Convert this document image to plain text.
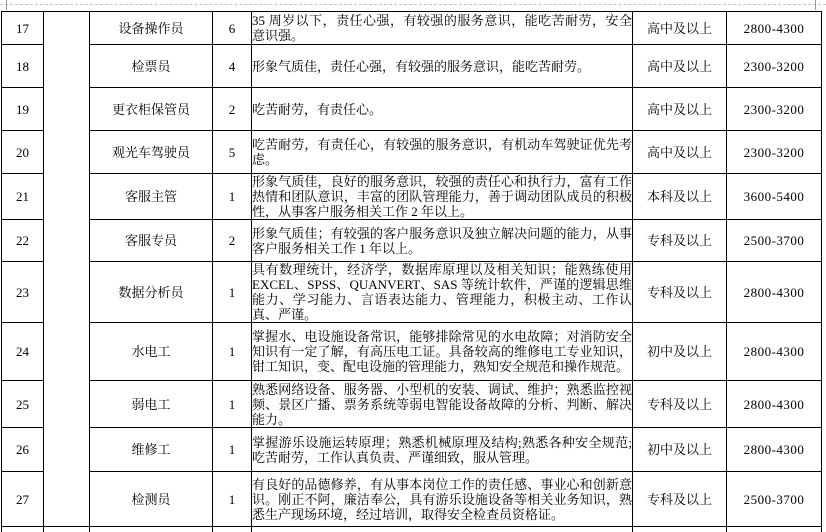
17		设备操作员	6	35 周岁以下，责任心强，有较强的服务意识，能吃苦耐劳，安全意识强。	高中及以上	2800-4300
18		检票员	4	形象气质佳，责任心强，有较强的服务意识，能吃苦耐劳。	高中及以上	2300-3200
19		更衣柜保管员	2	吃苦耐劳，有责任心。	高中及以上	2300-3200
20		观光车驾驶员	5	吃苦耐劳，有责任心，有较强的服务意识，有机动车驾驶证优先考虑。	高中及以上	2300-3200
21		客服主管	1	形象气质佳，良好的服务意识，较强的责任心和执行力，富有工作热情和团队意识，丰富的团队管理能力，善于调动团队成员的积极性，从事客户服务相关工作 2 年以上。	本科及以上	3600-5400
22		客服专员	2	形象气质佳；有较强的客户服务意识及独立解决问题的能力，从事客户服务相关工作 1 年以上。	专科及以上	2500-3700
23		数据分析员	1	具有数理统计，经济学，数据库原理以及相关知识；能熟练使用 EXCEL、SPSS、QUANVERT、SAS 等统计软件，严谨的逻辑思维能力、学习能力、言语表达能力、管理能力，积极主动、工作认真、严谨。	专科及以上	2800-4300
24		水电工	1	掌握水、电设施设备常识，能够排除常见的水电故障；对消防安全知识有一定了解，有高压电工证。具备较高的维修电工专业知识，钳工知识，变、配电设施的管理能力，熟知安全规范和操作规范。	初中及以上	2800-4300
25		弱电工	1	熟悉网络设备、服务器、小型机的安装、调试、维护；熟悉监控视频、景区广播、票务系统等弱电智能设备故障的分析、判断、解决能力。	专科及以上	2800-4300
26		维修工	1	掌握游乐设施运转原理；熟悉机械原理及结构;熟悉各种安全规范;吃苦耐劳，工作认真负责、严谨细致，服从管理。	初中及以上	2800-4300
27		检测员	1	有良好的品德修养，有从事本岗位工作的责任感、事业心和创新意识。刚正不阿，廉洁奉公，具有游乐设施设备等相关业务知识，熟悉生产现场环境，经过培训，取得安全检查员资格证。	专科及以上	2500-3700
